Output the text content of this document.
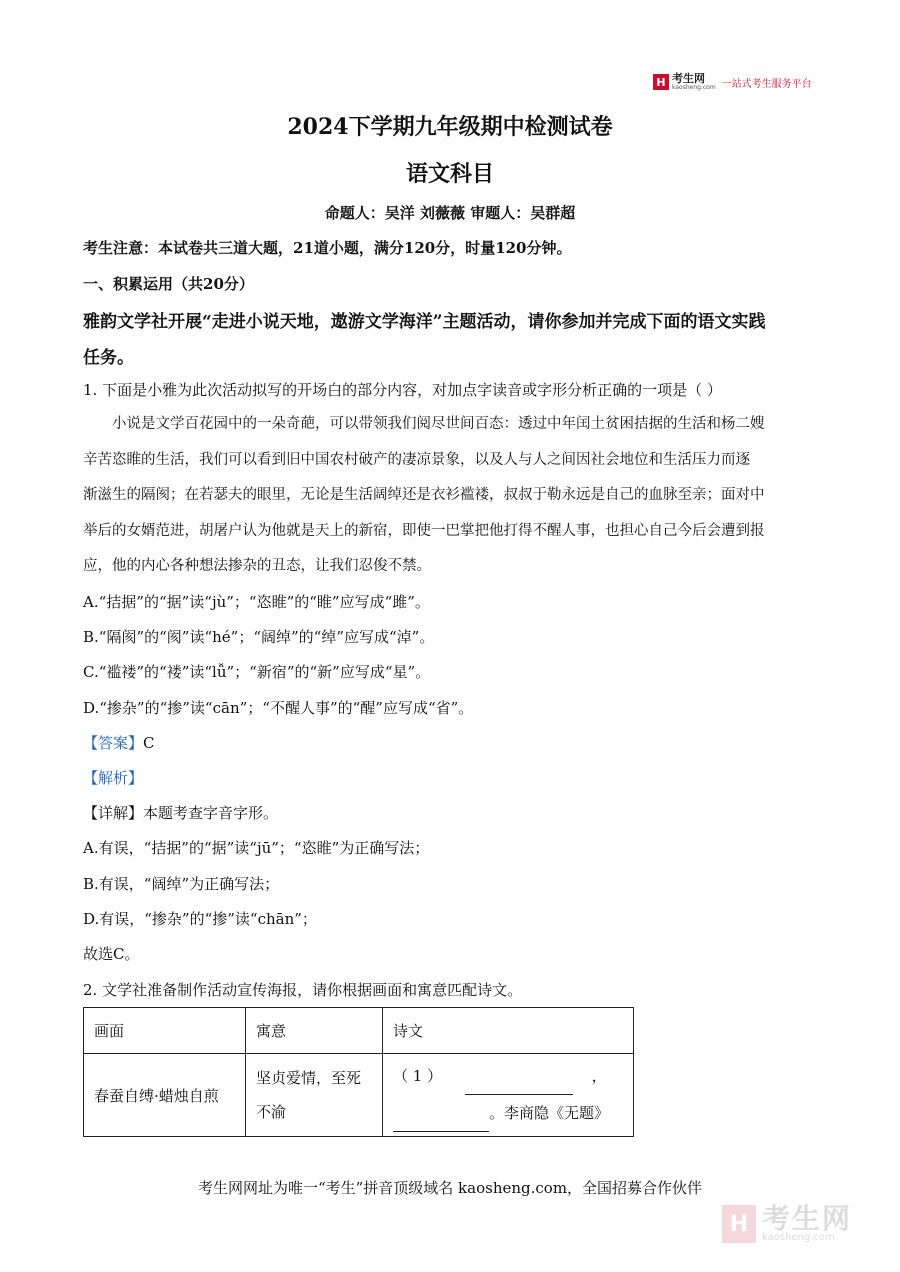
H 考生网
kaosheng.com 一站式考生服务平台
2024下学期九年级期中检测试卷
语文科目
命题人：吴洋 刘薇薇 审题人：吴群超
考生注意：本试卷共三道大题，21道小题，满分120分，时量120分钟。
一、积累运用（共20分）
雅韵文学社开展“走进小说天地，遨游文学海洋”主题活动，请你参加并完成下面的语文实践
任务。
1. 下面是小雅为此次活动拟写的开场白的部分内容，对加点字读音或字形分析正确的一项是（ ）

小说是文学百花园中的一朵奇葩，可以带领我们阅尽世间百态：透过中年闰土贫困拮据的生活和杨二嫂

辛苦恣睢的生活，我们可以看到旧中国农村破产的凄凉景象，以及人与人之间因社会地位和生活压力而逐

渐滋生的隔阂；在若瑟夫的眼里，无论是生活阔绰还是衣衫褴褛，叔叔于勒永远是自己的血脉至亲；面对中

举后的女婿范进，胡屠户认为他就是天上的新宿，即使一巴掌把他打得不醒人事，也担心自己今后会遭到报

应，他的内心各种想法掺杂的丑态，让我们忍俊不禁。

A.“拮据”的“据”读“jù”；“恣睢”的“睢”应写成“雎”。
B.“隔阂”的“阂”读“hé”；“阔绰”的“绰”应写成“淖”。
C.“褴褛”的“褛”读“lǚ”；“新宿”的“新”应写成“星”。
D.“掺杂”的“掺”读“cān”；“不醒人事”的“醒”应写成“省”。
【答案】C
【解析】
【详解】本题考查字音字形。
A.有误，“拮据”的“据”读“jū”；“恣睢”为正确写法；
B.有误，“阔绰”为正确写法；
D.有误，“掺杂”的“掺”读“chān”；
故选C。
2. 文学社准备制作活动宣传海报，请你根据画面和寓意匹配诗文。
画面	寓意	诗文
春蚕自缚·蜡烛自煎	坚贞爱情，至死不渝	（ 1 ） ，
。李商隐《无题》
考生网网址为唯一“考生”拼音顶级域名 kaosheng.com，全国招募合作伙伴
H 考生网
kaosheng.com
